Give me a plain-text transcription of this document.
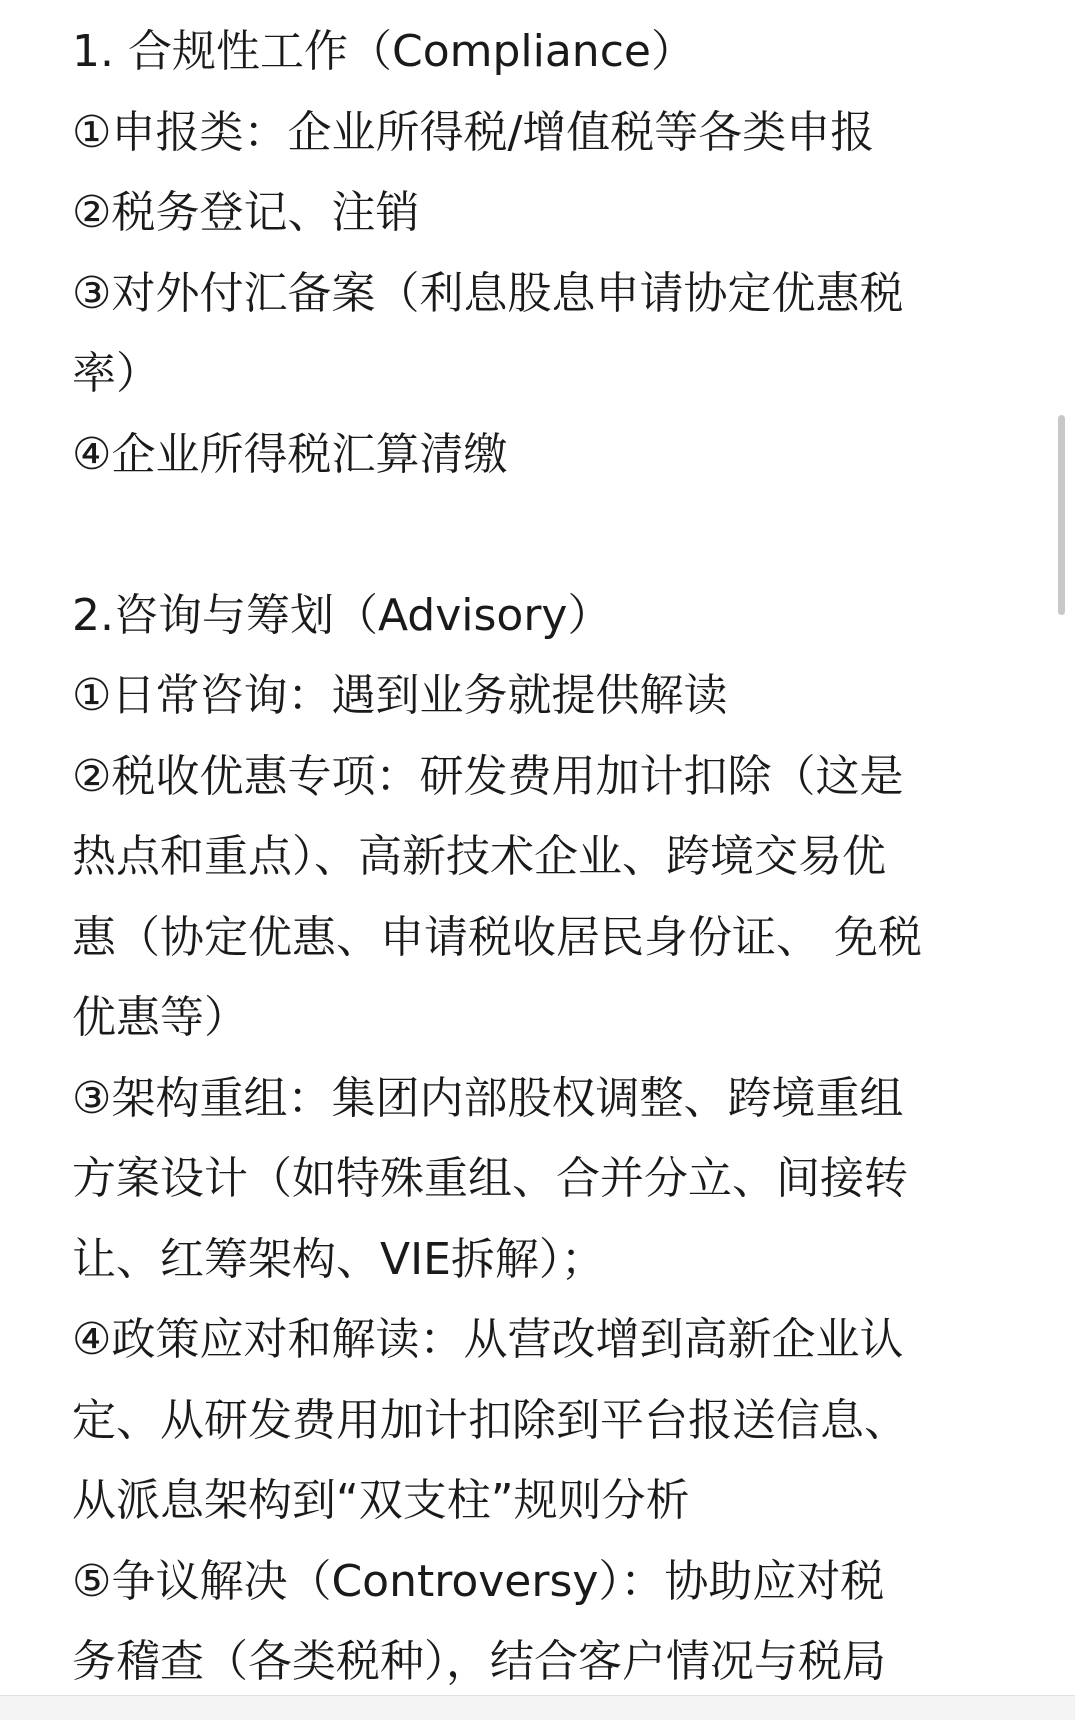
1. 合规性工作（Compliance）
①申报类：企业所得税/增值税等各类申报
②税务登记、注销
③对外付汇备案（利息股息申请协定优惠税
率）
④企业所得税汇算清缴
2.咨询与筹划（Advisory）
①日常咨询：遇到业务就提供解读
②税收优惠专项：研发费用加计扣除（这是
热点和重点）、高新技术企业、跨境交易优
惠（协定优惠、申请税收居民身份证、 免税
优惠等）
③架构重组：集团内部股权调整、跨境重组
方案设计（如特殊重组、合并分立、间接转
让、红筹架构、VIE拆解）；
④政策应对和解读：从营改增到高新企业认
定、从研发费用加计扣除到平台报送信息、
从派息架构到“双支柱”规则分析
⑤争议解决（Controversy）：协助应对税
务稽查（各类税种），结合客户情况与税局
